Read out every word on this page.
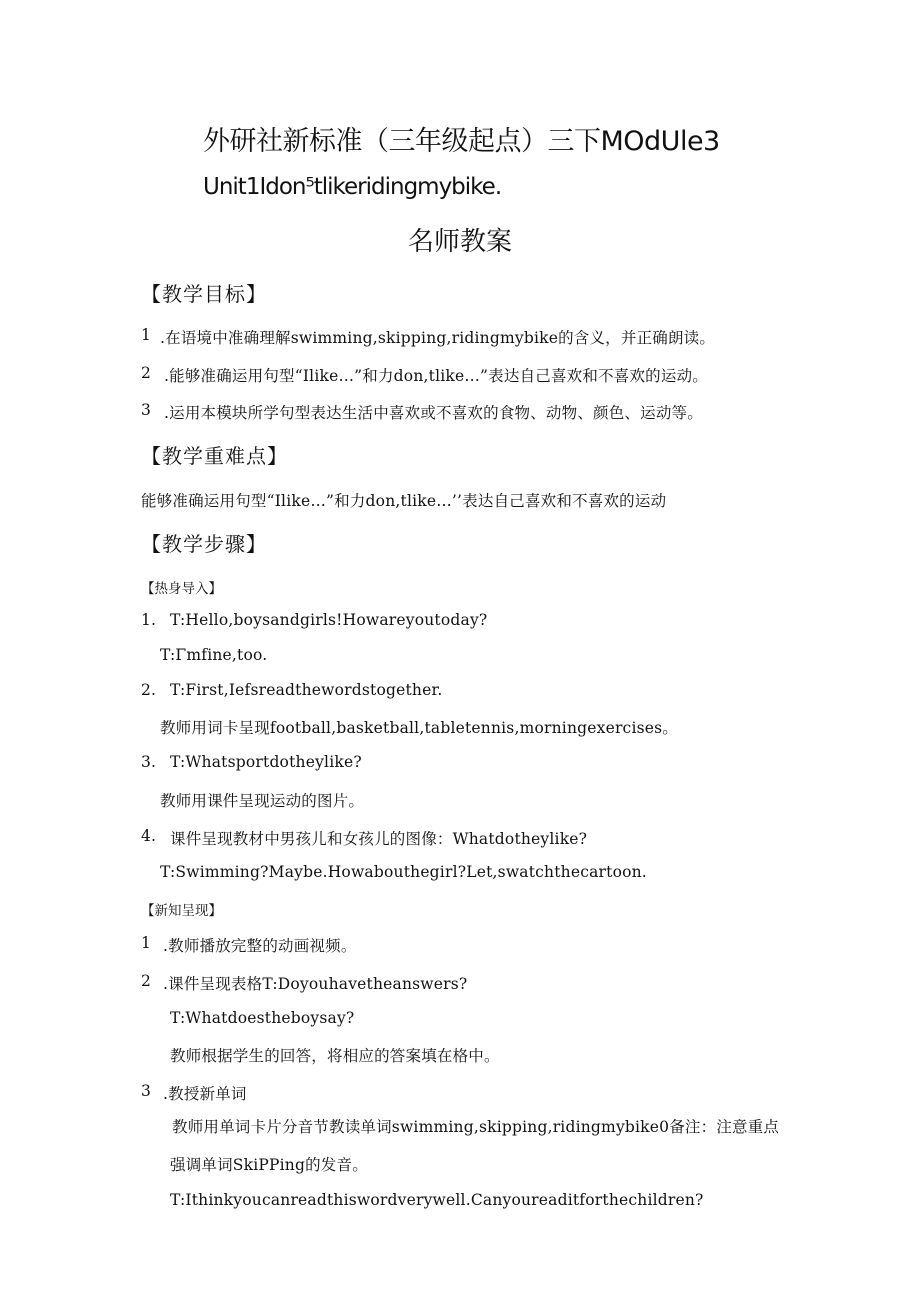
外研社新标准（三年级起点）三下MOdUle3
Unit1Idon⁵tlikeridingmybike.
名师教案
【教学目标】
1 .在语境中准确理解swimming,skipping,ridingmybike的含义，并正确朗读。
2 .能够准确运用句型“Ilike…”和力don,tlike…”表达自己喜欢和不喜欢的运动。
3 .运用本模块所学句型表达生活中喜欢或不喜欢的食物、动物、颜色、运动等。
【教学重难点】
能够准确运用句型“Ilike…”和力don,tlike…’’表达自己喜欢和不喜欢的运动
【教学步骤】
【热身导入】
1. T:Hello,boysandgirls!Howareyoutoday?
T:Γmfine,too.
2. T:First,Iefsreadthewordstogether.
教师用词卡呈现football,basketball,tabletennis,morningexercises。
3. T:Whatsportdotheylike?
教师用课件呈现运动的图片。
4. 课件呈现教材中男孩儿和女孩儿的图像：Whatdotheylike?
T:Swimming?Maybe.Howabouthegirl?Let,swatchthecartoon.
【新知呈现】
1 .教师播放完整的动画视频。
2 .课件呈现表格T:Doyouhavetheanswers?
T:Whatdoestheboysay?
教师根据学生的回答，将相应的答案填在格中。
3 .教授新单词
教师用单词卡片分音节教读单词swimming,skipping,ridingmybike0备注：注意重点
强调单词SkiPPing的发音。
T:Ithinkyoucanreadthiswordverywell.Canyoureaditforthechildren?
